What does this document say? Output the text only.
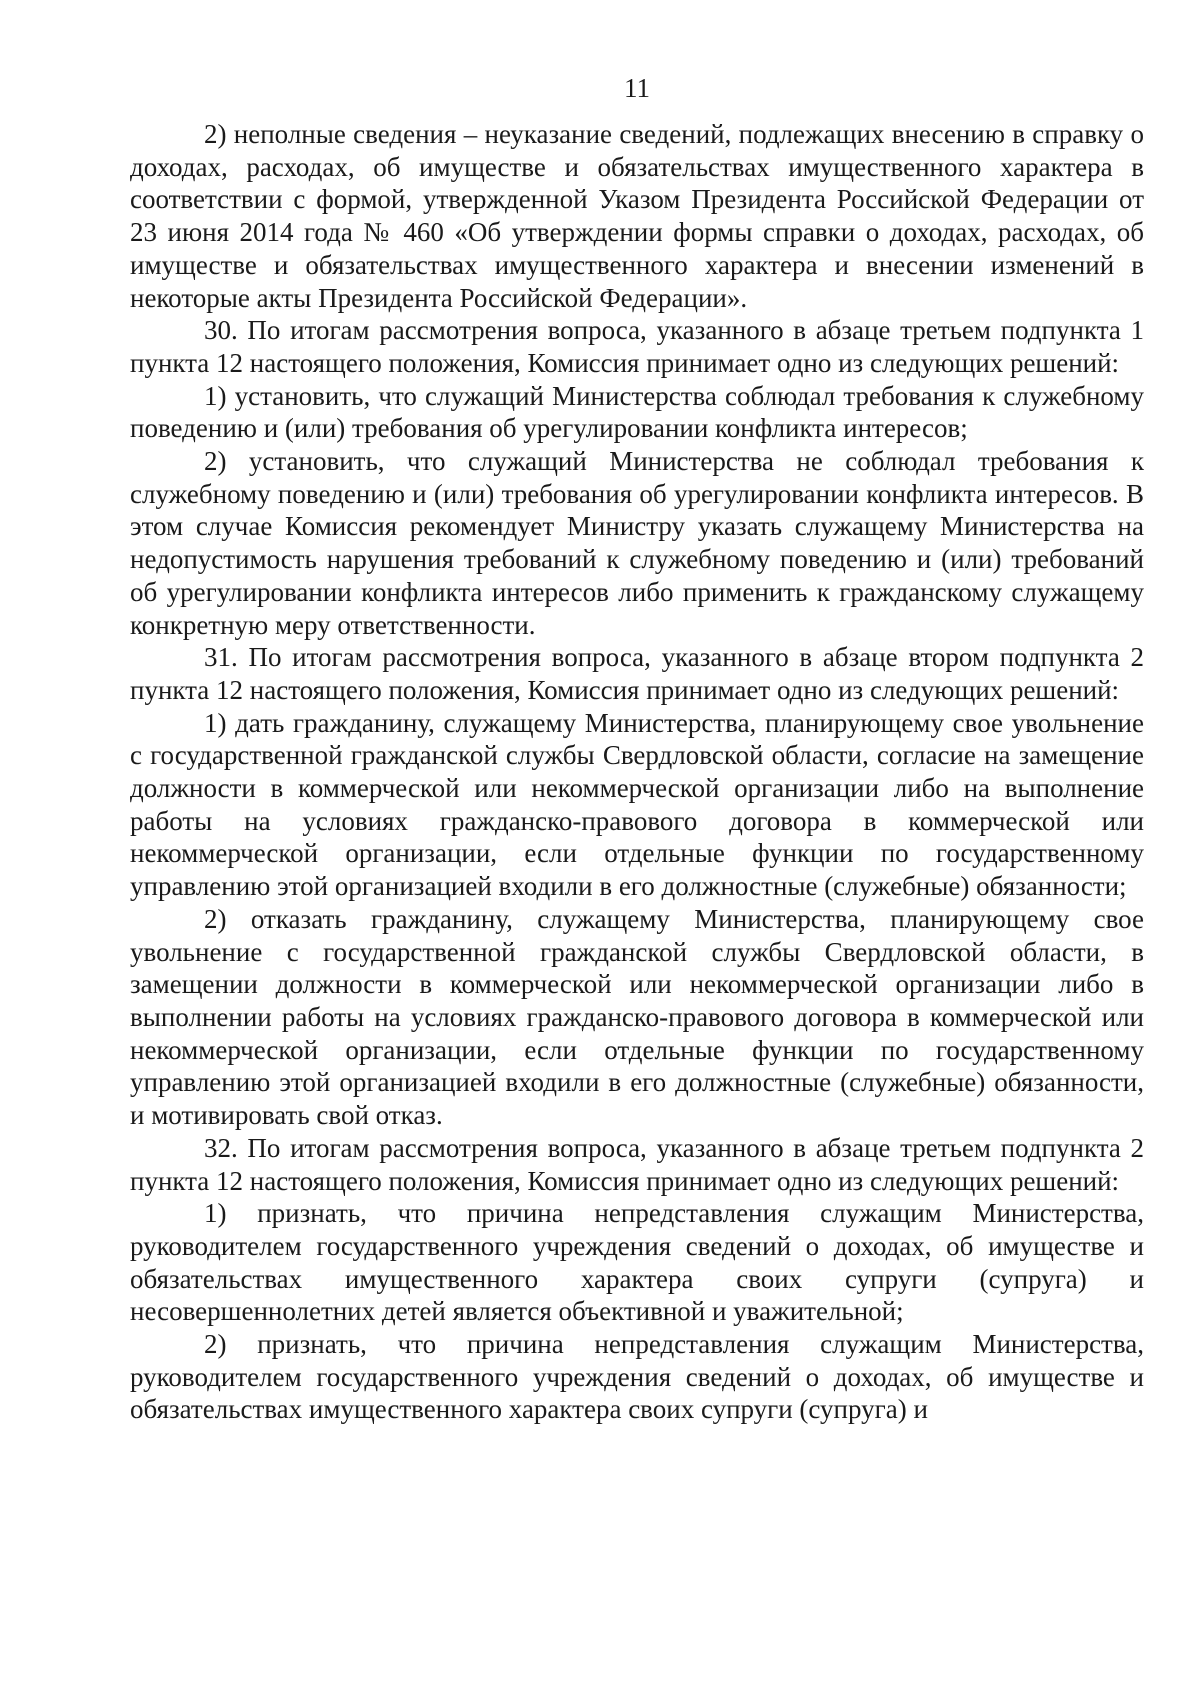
11

2) неполные сведения – неуказание сведений, подлежащих внесению в справку о доходах, расходах, об имуществе и обязательствах имущественного характера в соответствии с формой, утвержденной Указом Президента Российской Федерации от 23 июня 2014 года № 460 «Об утверждении формы справки о доходах, расходах, об имуществе и обязательствах имущественного характера и внесении изменений в некоторые акты Президента Российской Федерации».

30. По итогам рассмотрения вопроса, указанного в абзаце третьем подпункта 1 пункта 12 настоящего положения, Комиссия принимает одно из следующих решений:

1) установить, что служащий Министерства соблюдал требования к служебному поведению и (или) требования об урегулировании конфликта интересов;

2) установить, что служащий Министерства не соблюдал требования к служебному поведению и (или) требования об урегулировании конфликта интересов. В этом случае Комиссия рекомендует Министру указать служащему Министерства на недопустимость нарушения требований к служебному поведению и (или) требований об урегулировании конфликта интересов либо применить к гражданскому служащему конкретную меру ответственности.

31. По итогам рассмотрения вопроса, указанного в абзаце втором подпункта 2 пункта 12 настоящего положения, Комиссия принимает одно из следующих решений:

1) дать гражданину, служащему Министерства, планирующему свое увольнение с государственной гражданской службы Свердловской области, согласие на замещение должности в коммерческой или некоммерческой организации либо на выполнение работы на условиях гражданско-правового договора в коммерческой или некоммерческой организации, если отдельные функции по государственному управлению этой организацией входили в его должностные (служебные) обязанности;

2) отказать гражданину, служащему Министерства, планирующему свое увольнение с государственной гражданской службы Свердловской области, в замещении должности в коммерческой или некоммерческой организации либо в выполнении работы на условиях гражданско-правового договора в коммерческой или некоммерческой организации, если отдельные функции по государственному управлению этой организацией входили в его должностные (служебные) обязанности, и мотивировать свой отказ.

32. По итогам рассмотрения вопроса, указанного в абзаце третьем подпункта 2 пункта 12 настоящего положения, Комиссия принимает одно из следующих решений:

1) признать, что причина непредставления служащим Министерства, руководителем государственного учреждения сведений о доходах, об имуществе и обязательствах имущественного характера своих супруги (супруга) и несовершеннолетних детей является объективной и уважительной;

2) признать, что причина непредставления служащим Министерства, руководителем государственного учреждения сведений о доходах, об имуществе и обязательствах имущественного характера своих супруги (супруга) и
